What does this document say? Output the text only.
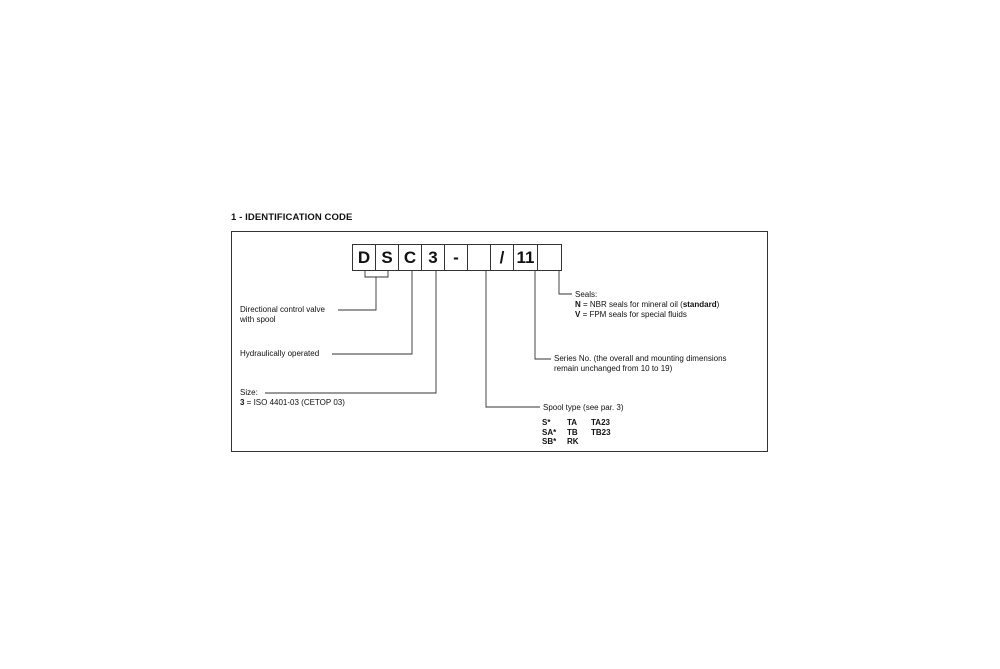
1 - IDENTIFICATION CODE
D S C 3 -	/ 11
Directional control valve
with spool
Hydraulically operated
Size:
3 = ISO 4401-03 (CETOP 03)
Seals:
N = NBR seals for mineral oil (standard)
V = FPM seals for special fluids
Series No. (the overall and mounting dimensions
remain unchanged from 10 to 19)
Spool type (see par. 3)
S*	TA	TA23
SA*	TB	TB23
SB*	RK
